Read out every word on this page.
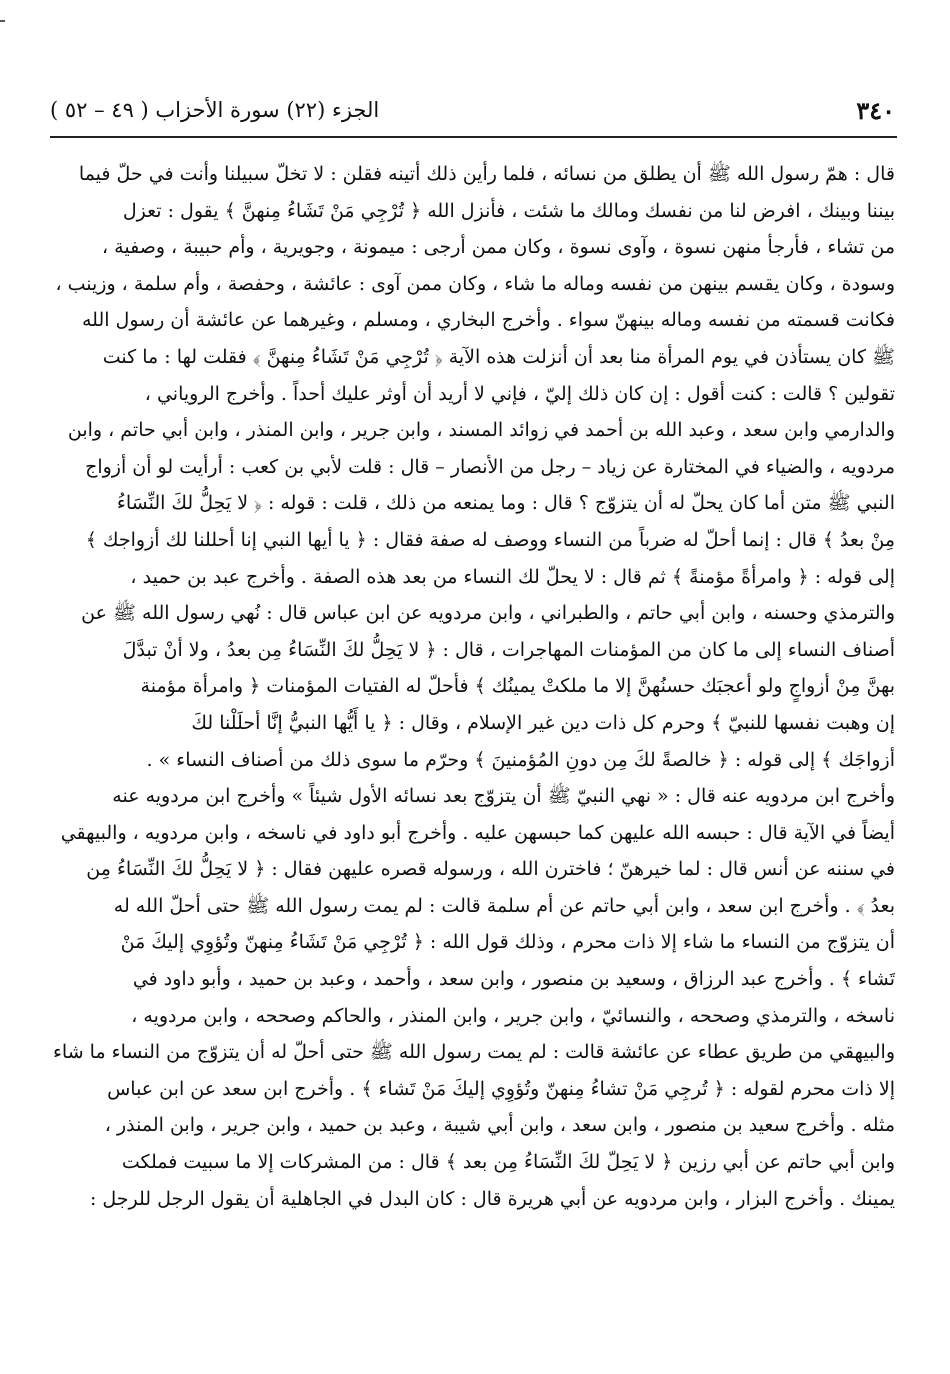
الجزء (٢٢) سورة الأحزاب ( ٤٩ – ٥٢ )	٣٤٠
قال : همّ رسول الله ﷺ أن يطلق من نسائه ، فلما رأين ذلك أتينه فقلن : لا تخلّ سبيلنا وأنت في حلّ فيما
بيننا وبينك ، افرض لنا من نفسك ومالك ما شئت ، فأنزل الله ﴿ تُرْجِي مَنْ تَشَاءُ مِنهنَّ ﴾ يقول : تعزل
من تشاء ، فأرجأ منهن نسوة ، وآوى نسوة ، وكان ممن أرجى : ميمونة ، وجويرية ، وأم حبيبة ، وصفية ،
وسودة ، وكان يقسم بينهن من نفسه وماله ما شاء ، وكان ممن آوى : عائشة ، وحفصة ، وأم سلمة ، وزينب ،
فكانت قسمته من نفسه وماله بينهنّ سواء . وأخرج البخاري ، ومسلم ، وغيرهما عن عائشة أن رسول الله
ﷺ كان يستأذن في يوم المرأة منا بعد أن أنزلت هذه الآية ﴿ تُرْجِي مَنْ تَشَاءُ مِنهنَّ ﴾ فقلت لها : ما كنت
تقولين ؟ قالت : كنت أقول : إن كان ذلك إليّ ، فإني لا أريد أن أوثر عليك أحداً . وأخرج الروياني ،
والدارمي وابن سعد ، وعبد الله بن أحمد في زوائد المسند ، وابن جرير ، وابن المنذر ، وابن أبي حاتم ، وابن
مردويه ، والضياء في المختارة عن زياد – رجل من الأنصار – قال : قلت لأبي بن كعب : أرأيت لو أن أزواج
النبي ﷺ متن أما كان يحلّ له أن يتزوّج ؟ قال : وما يمنعه من ذلك ، قلت : قوله : ﴿ لا يَحِلُّ لكَ النِّسَاءُ
مِنْ بعدُ ﴾ قال : إنما أحلّ له ضرباً من النساء ووصف له صفة فقال : ﴿ يا أيها النبي إنا أحللنا لك أزواجك ﴾
إلى قوله : ﴿ وامرأةً مؤمنةً ﴾ ثم قال : لا يحلّ لك النساء من بعد هذه الصفة . وأخرج عبد بن حميد ،
والترمذي وحسنه ، وابن أبي حاتم ، والطبراني ، وابن مردويه عن ابن عباس قال : نُهي رسول الله ﷺ عن
أصناف النساء إلى ما كان من المؤمنات المهاجرات ، قال : ﴿ لا يَحِلُّ لكَ النِّسَاءُ مِن بعدُ ، ولا أنْ تبدَّلَ
بهنَّ مِنْ أزواجٍ ولو أعجبَك حسنُهنَّ إلا ما ملكتْ يمينُك ﴾ فأحلّ له الفتيات المؤمنات ﴿ وامرأة مؤمنة
إن وهبت نفسها للنبيّ ﴾ وحرم كل ذات دين غير الإسلام ، وقال : ﴿ يا أَيُّها النبيُّ إنَّا أحلَلْنا لكَ
أزواجَك ﴾ إلى قوله : ﴿ خالصةً لكَ مِن دونِ المُؤمنينَ ﴾ وحرّم ما سوى ذلك من أصناف النساء » .
وأخرج ابن مردويه عنه قال : « نهي النبيّ ﷺ أن يتزوّج بعد نسائه الأول شيئاً » وأخرج ابن مردويه عنه
أيضاً في الآية قال : حبسه الله عليهن كما حبسهن عليه . وأخرج أبو داود في ناسخه ، وابن مردويه ، والبيهقي
في سننه عن أنس قال : لما خيرهنّ ؛ فاخترن الله ، ورسوله قصره عليهن فقال : ﴿ لا يَحِلُّ لكَ النِّسَاءُ مِن
بعدُ ﴾ . وأخرج ابن سعد ، وابن أبي حاتم عن أم سلمة قالت : لم يمت رسول الله ﷺ حتى أحلّ الله له
أن يتزوّج من النساء ما شاء إلا ذات محرم ، وذلك قول الله : ﴿ تُرْجِي مَنْ تَشَاءُ مِنهنّ وتُؤوِي إليكَ مَنْ
تَشاء ﴾ . وأخرج عبد الرزاق ، وسعيد بن منصور ، وابن سعد ، وأحمد ، وعبد بن حميد ، وأبو داود في
ناسخه ، والترمذي وصححه ، والنسائيّ ، وابن جرير ، وابن المنذر ، والحاكم وصححه ، وابن مردويه ،
والبيهقي من طريق عطاء عن عائشة قالت : لم يمت رسول الله ﷺ حتى أحلّ له أن يتزوّج من النساء ما شاء
إلا ذات محرم لقوله : ﴿ تُرجِي مَنْ تشاءُ مِنهنّ وتُؤوِي إليكَ مَنْ تَشاء ﴾ . وأخرج ابن سعد عن ابن عباس
مثله . وأخرج سعيد بن منصور ، وابن سعد ، وابن أبي شيبة ، وعبد بن حميد ، وابن جرير ، وابن المنذر ،
وابن أبي حاتم عن أبي رزين ﴿ لا يَحِلّ لكَ النِّسَاءُ مِن بعد ﴾ قال : من المشركات إلا ما سبيت فملكت
يمينك . وأخرج البزار ، وابن مردويه عن أبي هريرة قال : كان البدل في الجاهلية أن يقول الرجل للرجل :
